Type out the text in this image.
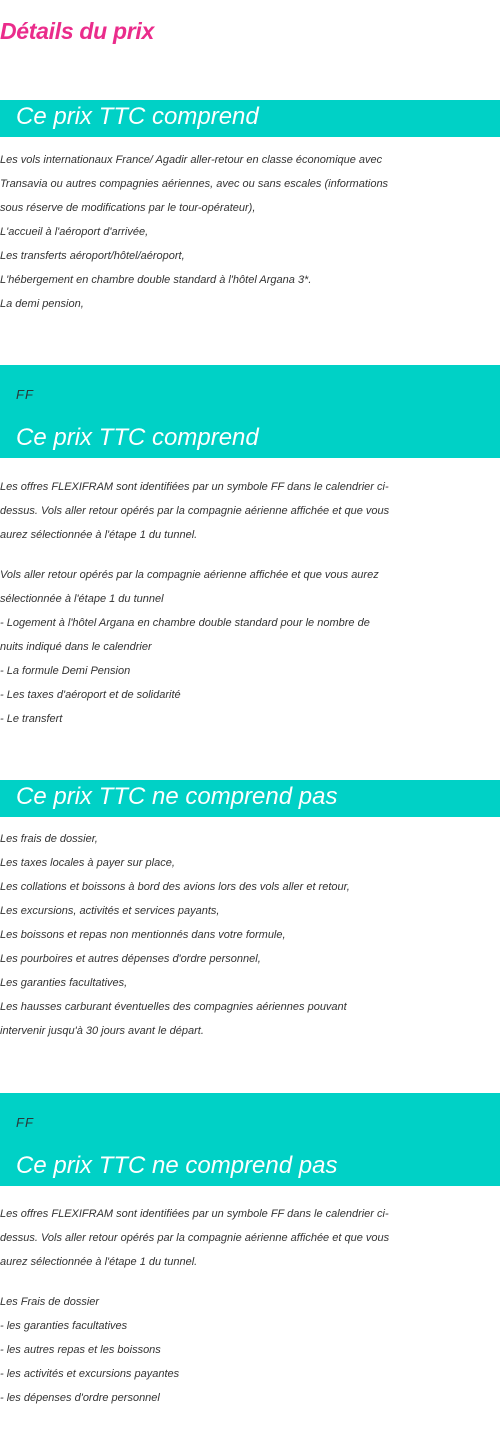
Détails du prix
Ce prix TTC comprend
Les vols internationaux France/ Agadir aller-retour en classe économique avec
Transavia ou autres compagnies aériennes, avec ou sans escales (informations
sous réserve de modifications par le tour-opérateur),
L'accueil à l'aéroport d'arrivée,
Les transferts aéroport/hôtel/aéroport,
L'hébergement en chambre double standard à l'hôtel Argana 3*.
La demi pension,
FF
Ce prix TTC comprend
Les offres FLEXIFRAM sont identifiées par un symbole FF dans le calendrier ci-
dessus. Vols aller retour opérés par la compagnie aérienne affichée et que vous
aurez sélectionnée à l'étape 1 du tunnel.
Vols aller retour opérés par la compagnie aérienne affichée et que vous aurez
sélectionnée à l'étape 1 du tunnel
- Logement à l'hôtel Argana en chambre double standard pour le nombre de
nuits indiqué dans le calendrier
- La formule Demi Pension
- Les taxes d'aéroport et de solidarité
- Le transfert
Ce prix TTC ne comprend pas
Les frais de dossier,
Les taxes locales à payer sur place,
Les collations et boissons à bord des avions lors des vols aller et retour,
Les excursions, activités et services payants,
Les boissons et repas non mentionnés dans votre formule,
Les pourboires et autres dépenses d'ordre personnel,
Les garanties facultatives,
Les hausses carburant éventuelles des compagnies aériennes pouvant
intervenir jusqu'à 30 jours avant le départ.
FF
Ce prix TTC ne comprend pas
Les offres FLEXIFRAM sont identifiées par un symbole FF dans le calendrier ci-
dessus. Vols aller retour opérés par la compagnie aérienne affichée et que vous
aurez sélectionnée à l'étape 1 du tunnel.
Les Frais de dossier
- les garanties facultatives
- les autres repas et les boissons
- les activités et excursions payantes
- les dépenses d'ordre personnel
